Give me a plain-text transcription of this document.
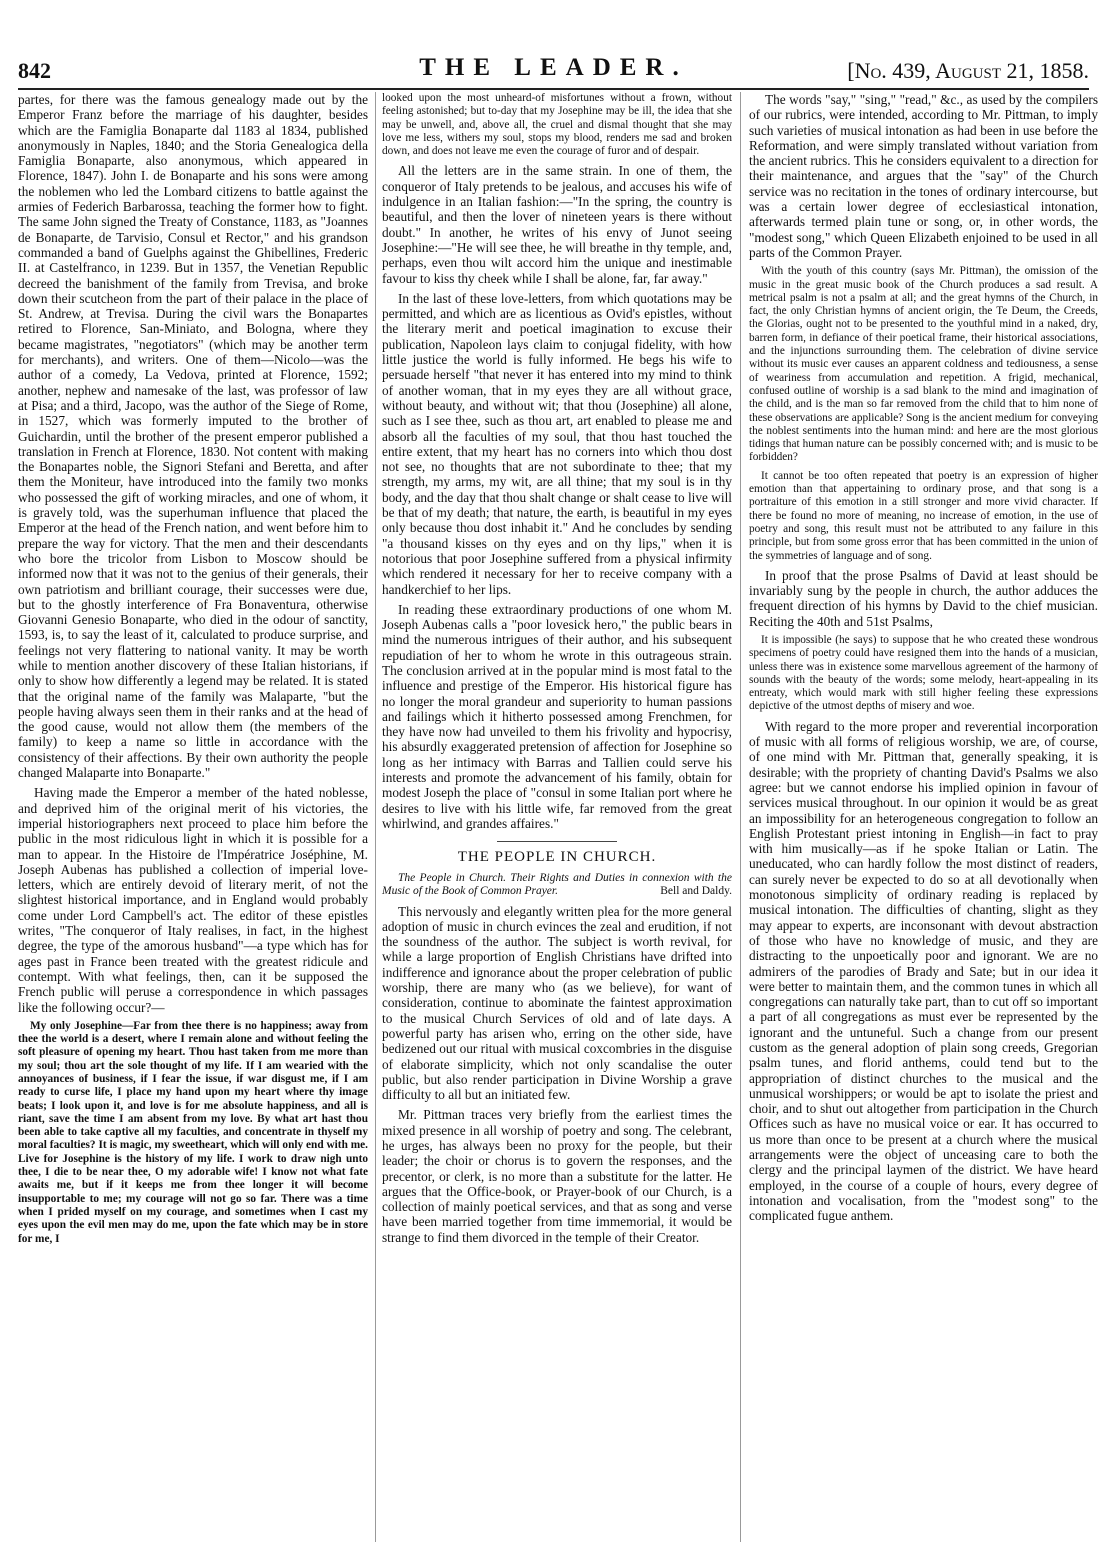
842	THE LEADER.	[No. 439, August 21, 1858.

partes, for there was the famous genealogy made out by the Emperor Franz before the marriage of his daughter, besides which are the Famiglia Bonaparte dal 1183 al 1834, published anonymously in Naples, 1840; and the Storia Genealogica della Famiglia Bonaparte, also anonymous, which appeared in Florence, 1847). John I. de Bonaparte and his sons were among the noblemen who led the Lombard citizens to battle against the armies of Federich Barbarossa, teaching the former how to fight. The same John signed the Treaty of Constance, 1183, as "Joannes de Bonaparte, de Tarvisio, Consul et Rector," and his grandson commanded a band of Guelphs against the Ghibellines, Frederic II. at Castelfranco, in 1239. But in 1357, the Venetian Republic decreed the banishment of the family from Trevisa, and broke down their scutcheon from the part of their palace in the place of St. Andrew, at Trevisa. During the civil wars the Bonapartes retired to Florence, San-Miniato, and Bologna, where they became magistrates, "negotiators" (which may be another term for merchants), and writers. One of them—Nicolo—was the author of a comedy, La Vedova, printed at Florence, 1592; another, nephew and namesake of the last, was professor of law at Pisa; and a third, Jacopo, was the author of the Siege of Rome, in 1527, which was formerly imputed to the brother of Guichardin, until the brother of the present emperor published a translation in French at Florence, 1830. Not content with making the Bonapartes noble, the Signori Stefani and Beretta, and after them the Moniteur, have introduced into the family two monks who possessed the gift of working miracles, and one of whom, it is gravely told, was the superhuman influence that placed the Emperor at the head of the French nation, and went before him to prepare the way for victory. That the men and their descendants who bore the tricolor from Lisbon to Moscow should be informed now that it was not to the genius of their generals, their own patriotism and brilliant courage, their successes were due, but to the ghostly interference of Fra Bonaventura, otherwise Giovanni Genesio Bonaparte, who died in the odour of sanctity, 1593, is, to say the least of it, calculated to produce surprise, and feelings not very flattering to national vanity. It may be worth while to mention another discovery of these Italian historians, if only to show how differently a legend may be related. It is stated that the original name of the family was Malaparte, "but the people having always seen them in their ranks and at the head of the good cause, would not allow them (the members of the family) to keep a name so little in accordance with the consistency of their affections. By their own authority the people changed Malaparte into Bonaparte."

Having made the Emperor a member of the hated noblesse, and deprived him of the original merit of his victories, the imperial historiographers next proceed to place him before the public in the most ridiculous light in which it is possible for a man to appear. In the Histoire de l'Impératrice Joséphine, M. Joseph Aubenas has published a collection of imperial love-letters, which are entirely devoid of literary merit, of not the slightest historical importance, and in England would probably come under Lord Campbell's act. The editor of these epistles writes, "The conqueror of Italy realises, in fact, in the highest degree, the type of the amorous husband"—a type which has for ages past in France been treated with the greatest ridicule and contempt. With what feelings, then, can it be supposed the French public will peruse a correspondence in which passages like the following occur?—

My only Josephine—Far from thee there is no happiness; away from thee the world is a desert, where I remain alone and without feeling the soft pleasure of opening my heart. Thou hast taken from me more than my soul; thou art the sole thought of my life. If I am wearied with the annoyances of business, if I fear the issue, if war disgust me, if I am ready to curse life, I place my hand upon my heart where thy image beats; I look upon it, and love is for me absolute happiness, and all is riant, save the time I am absent from my love. By what art hast thou been able to take captive all my faculties, and concentrate in thyself my moral faculties? It is magic, my sweetheart, which will only end with me. Live for Josephine is the history of my life. I work to draw nigh unto thee, I die to be near thee, O my adorable wife! I know not what fate awaits me, but if it keeps me from thee longer it will become insupportable to me; my courage will not go so far. There was a time when I prided myself on my courage, and sometimes when I cast my eyes upon the evil men may do me, upon the fate which may be in store for me, I

looked upon the most unheard-of misfortunes without a frown, without feeling astonished; but to-day that my Josephine may be ill, the idea that she may be unwell, and, above all, the cruel and dismal thought that she may love me less, withers my soul, stops my blood, renders me sad and broken down, and does not leave me even the courage of furor and of despair.

All the letters are in the same strain. In one of them, the conqueror of Italy pretends to be jealous, and accuses his wife of indulgence in an Italian fashion:—"In the spring, the country is beautiful, and then the lover of nineteen years is there without doubt." In another, he writes of his envy of Junot seeing Josephine:—"He will see thee, he will breathe in thy temple, and, perhaps, even thou wilt accord him the unique and inestimable favour to kiss thy cheek while I shall be alone, far, far away."

In the last of these love-letters, from which quotations may be permitted, and which are as licentious as Ovid's epistles, without the literary merit and poetical imagination to excuse their publication, Napoleon lays claim to conjugal fidelity, with how little justice the world is fully informed. He begs his wife to persuade herself "that never it has entered into my mind to think of another woman, that in my eyes they are all without grace, without beauty, and without wit; that thou (Josephine) all alone, such as I see thee, such as thou art, art enabled to please me and absorb all the faculties of my soul, that thou hast touched the entire extent, that my heart has no corners into which thou dost not see, no thoughts that are not subordinate to thee; that my strength, my arms, my wit, are all thine; that my soul is in thy body, and the day that thou shalt change or shalt cease to live will be that of my death; that nature, the earth, is beautiful in my eyes only because thou dost inhabit it." And he concludes by sending "a thousand kisses on thy eyes and on thy lips," when it is notorious that poor Josephine suffered from a physical infirmity which rendered it necessary for her to receive company with a handkerchief to her lips.

In reading these extraordinary productions of one whom M. Joseph Aubenas calls a "poor lovesick hero," the public bears in mind the numerous intrigues of their author, and his subsequent repudiation of her to whom he wrote in this outrageous strain. The conclusion arrived at in the popular mind is most fatal to the influence and prestige of the Emperor. His historical figure has no longer the moral grandeur and superiority to human passions and failings which it hitherto possessed among Frenchmen, for they have now had unveiled to them his frivolity and hypocrisy, his absurdly exaggerated pretension of affection for Josephine so long as her intimacy with Barras and Tallien could serve his interests and promote the advancement of his family, obtain for modest Joseph the place of "consul in some Italian port where he desires to live with his little wife, far removed from the great whirlwind, and grandes affaires."

THE PEOPLE IN CHURCH.

The People in Church. Their Rights and Duties in connexion with the Music of the Book of Common Prayer.	Bell and Daldy.

This nervously and elegantly written plea for the more general adoption of music in church evinces the zeal and erudition, if not the soundness of the author. The subject is worth revival, for while a large proportion of English Christians have drifted into indifference and ignorance about the proper celebration of public worship, there are many who (as we believe), for want of consideration, continue to abominate the faintest approximation to the musical Church Services of old and of late days. A powerful party has arisen who, erring on the other side, have bedizened out our ritual with musical coxcombries in the disguise of elaborate simplicity, which not only scandalise the outer public, but also render participation in Divine Worship a grave difficulty to all but an initiated few.

Mr. Pittman traces very briefly from the earliest times the mixed presence in all worship of poetry and song. The celebrant, he urges, has always been no proxy for the people, but their leader; the choir or chorus is to govern the responses, and the precentor, or clerk, is no more than a substitute for the latter. He argues that the Office-book, or Prayer-book of our Church, is a collection of mainly poetical services, and that as song and verse have been married together from time immemorial, it would be strange to find them divorced in the temple of their Creator.

The words "say," "sing," "read," &c., as used by the compilers of our rubrics, were intended, according to Mr. Pittman, to imply such varieties of musical intonation as had been in use before the Reformation, and were simply translated without variation from the ancient rubrics. This he considers equivalent to a direction for their maintenance, and argues that the "say" of the Church service was no recitation in the tones of ordinary intercourse, but was a certain lower degree of ecclesiastical intonation, afterwards termed plain tune or song, or, in other words, the "modest song," which Queen Elizabeth enjoined to be used in all parts of the Common Prayer.

With the youth of this country (says Mr. Pittman), the omission of the music in the great music book of the Church produces a sad result. A metrical psalm is not a psalm at all; and the great hymns of the Church, in fact, the only Christian hymns of ancient origin, the Te Deum, the Creeds, the Glorias, ought not to be presented to the youthful mind in a naked, dry, barren form, in defiance of their poetical frame, their historical associations, and the injunctions surrounding them. The celebration of divine service without its music ever causes an apparent coldness and tediousness, a sense of weariness from accumulation and repetition. A frigid, mechanical, confused outline of worship is a sad blank to the mind and imagination of the child, and is the man so far removed from the child that to him none of these observations are applicable? Song is the ancient medium for conveying the noblest sentiments into the human mind: and here are the most glorious tidings that human nature can be possibly concerned with; and is music to be forbidden?

It cannot be too often repeated that poetry is an expression of higher emotion than that appertaining to ordinary prose, and that song is a portraiture of this emotion in a still stronger and more vivid character. If there be found no more of meaning, no increase of emotion, in the use of poetry and song, this result must not be attributed to any failure in this principle, but from some gross error that has been committed in the union of the symmetries of language and of song.

In proof that the prose Psalms of David at least should be invariably sung by the people in church, the author adduces the frequent direction of his hymns by David to the chief musician. Reciting the 40th and 51st Psalms,

It is impossible (he says) to suppose that he who created these wondrous specimens of poetry could have resigned them into the hands of a musician, unless there was in existence some marvellous agreement of the harmony of sounds with the beauty of the words; some melody, heart-appealing in its entreaty, which would mark with still higher feeling these expressions depictive of the utmost depths of misery and woe.

With regard to the more proper and reverential incorporation of music with all forms of religious worship, we are, of course, of one mind with Mr. Pittman that, generally speaking, it is desirable; with the propriety of chanting David's Psalms we also agree: but we cannot endorse his implied opinion in favour of services musical throughout. In our opinion it would be as great an impossibility for an heterogeneous congregation to follow an English Protestant priest intoning in English—in fact to pray with him musically—as if he spoke Italian or Latin. The uneducated, who can hardly follow the most distinct of readers, can surely never be expected to do so at all devotionally when monotonous simplicity of ordinary reading is replaced by musical intonation. The difficulties of chanting, slight as they may appear to experts, are inconsonant with devout abstraction of those who have no knowledge of music, and they are distracting to the unpoetically poor and ignorant. We are no admirers of the parodies of Brady and Sate; but in our idea it were better to maintain them, and the common tunes in which all congregations can naturally take part, than to cut off so important a part of all congregations as must ever be represented by the ignorant and the untuneful. Such a change from our present custom as the general adoption of plain song creeds, Gregorian psalm tunes, and florid anthems, could tend but to the appropriation of distinct churches to the musical and the unmusical worshippers; or would be apt to isolate the priest and choir, and to shut out altogether from participation in the Church Offices such as have no musical voice or ear. It has occurred to us more than once to be present at a church where the musical arrangements were the object of unceasing care to both the clergy and the principal laymen of the district. We have heard employed, in the course of a couple of hours, every degree of intonation and vocalisation, from the "modest song" to the complicated fugue anthem.
